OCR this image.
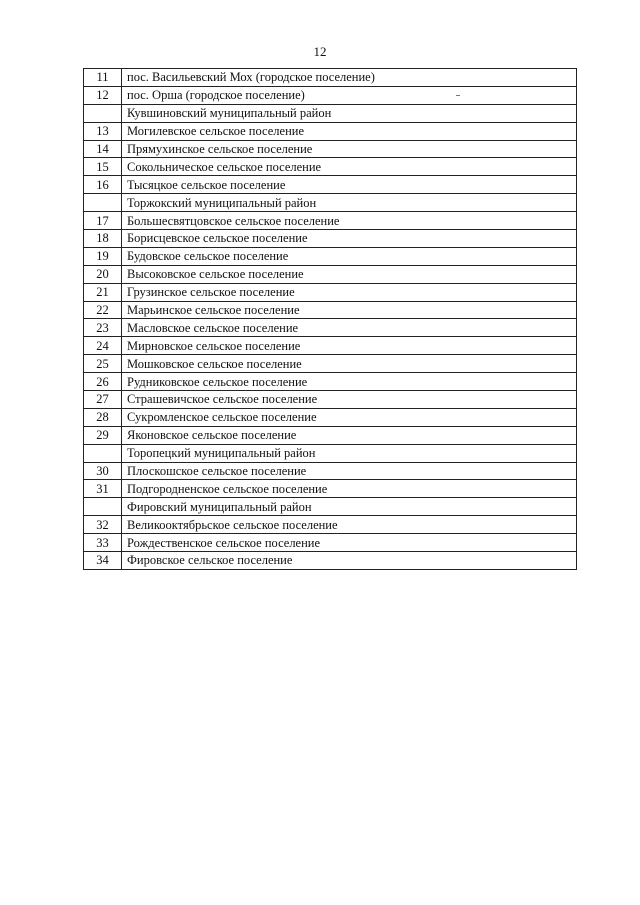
12
11	пос. Васильевский Мох (городское поселение)
12	пос. Орша (городское поселение)
	Кувшиновский муниципальный район
13	Могилевское сельское поселение
14	Прямухинское сельское поселение
15	Сокольническое сельское поселение
16	Тысяцкое сельское поселение
	Торжокский муниципальный район
17	Большесвятцовское сельское поселение
18	Борисцевское сельское поселение
19	Будовское сельское поселение
20	Высоковское сельское поселение
21	Грузинское сельское поселение
22	Марьинское сельское поселение
23	Масловское сельское поселение
24	Мирновское сельское поселение
25	Мошковское сельское поселение
26	Рудниковское сельское поселение
27	Страшевичское сельское поселение
28	Сукромленское сельское поселение
29	Яконовское сельское поселение
	Торопецкий муниципальный район
30	Плоскошское сельское поселение
31	Подгородненское сельское поселение
	Фировский муниципальный район
32	Великооктябрьское сельское поселение
33	Рождественское сельское поселение
34	Фировское сельское поселение
